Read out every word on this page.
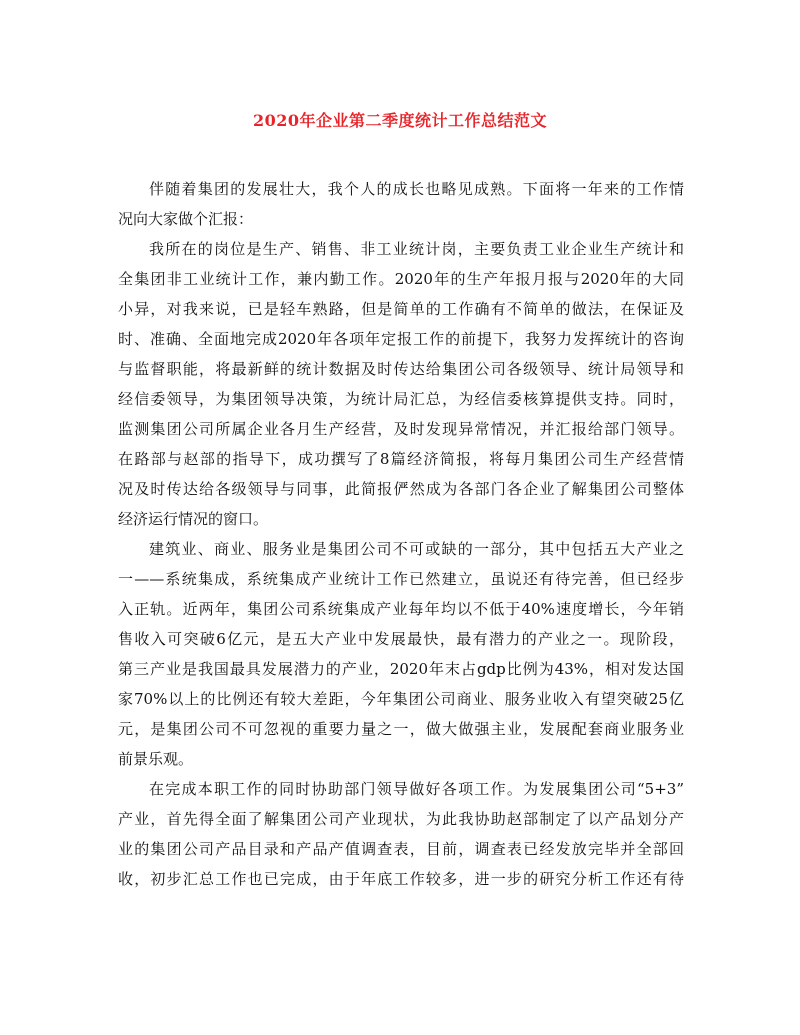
2020年企业第二季度统计工作总结范文
伴随着集团的发展壮大，我个人的成长也略见成熟。下面将一年来的工作情
况向大家做个汇报：
我所在的岗位是生产、销售、非工业统计岗，主要负责工业企业生产统计和
全集团非工业统计工作，兼内勤工作。2020年的生产年报月报与2020年的大同
小异，对我来说，已是轻车熟路，但是简单的工作确有不简单的做法，在保证及
时、准确、全面地完成2020年各项年定报工作的前提下，我努力发挥统计的咨询
与监督职能，将最新鲜的统计数据及时传达给集团公司各级领导、统计局领导和
经信委领导，为集团领导决策，为统计局汇总，为经信委核算提供支持。同时，
监测集团公司所属企业各月生产经营，及时发现异常情况，并汇报给部门领导。
在路部与赵部的指导下，成功撰写了8篇经济简报，将每月集团公司生产经营情
况及时传达给各级领导与同事，此简报俨然成为各部门各企业了解集团公司整体
经济运行情况的窗口。
建筑业、商业、服务业是集团公司不可或缺的一部分，其中包括五大产业之
一——系统集成，系统集成产业统计工作已然建立，虽说还有待完善，但已经步
入正轨。近两年，集团公司系统集成产业每年均以不低于40%速度增长，今年销
售收入可突破6亿元，是五大产业中发展最快，最有潜力的产业之一。现阶段，
第三产业是我国最具发展潜力的产业，2020年末占gdp比例为43%，相对发达国
家70%以上的比例还有较大差距，今年集团公司商业、服务业收入有望突破25亿
元，是集团公司不可忽视的重要力量之一，做大做强主业，发展配套商业服务业
前景乐观。
在完成本职工作的同时协助部门领导做好各项工作。为发展集团公司“5+3”
产业，首先得全面了解集团公司产业现状，为此我协助赵部制定了以产品划分产
业的集团公司产品目录和产品产值调查表，目前，调查表已经发放完毕并全部回
收，初步汇总工作也已完成，由于年底工作较多，进一步的研究分析工作还有待
